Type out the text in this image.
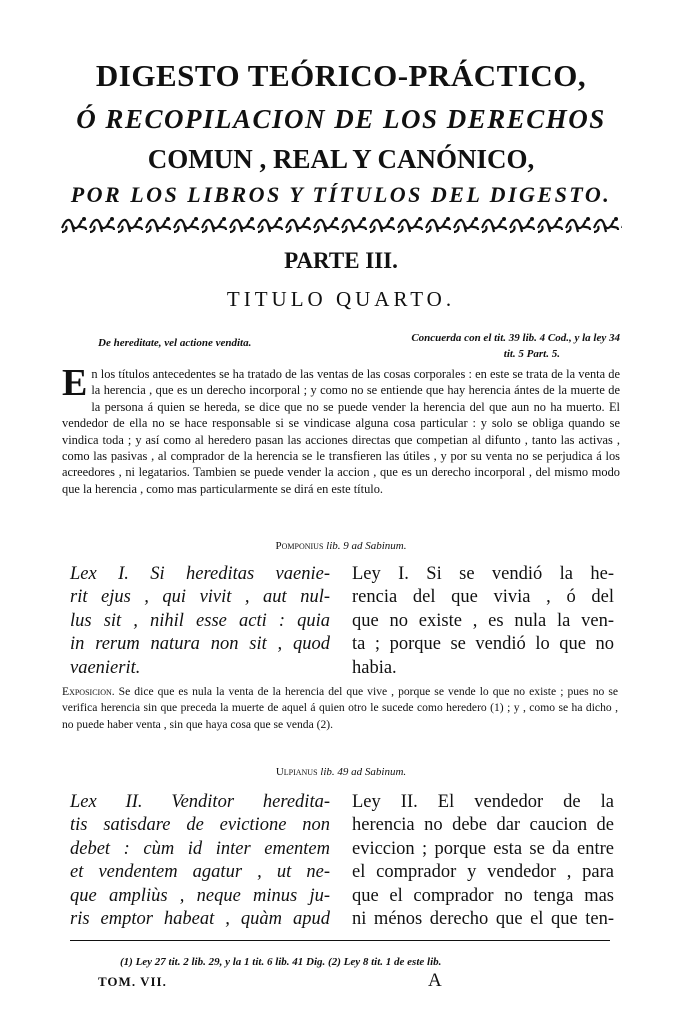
DIGESTO TEÓRICO-PRÁCTICO,
Ó RECOPILACION DE LOS DERECHOS
COMUN , REAL Y CANÓNICO,
POR LOS LIBROS Y TÍTULOS DEL DIGESTO.
PARTE III.
TITULO QUARTO.
De hereditate, vel actione vendita.	Concuerda con el tit. 39 lib. 4 Cod., y la ley 34
tit. 5 Part. 5.
En los títulos antecedentes se ha tratado de las ventas de las cosas corporales : en este se trata de la venta de la herencia , que es un derecho incorporal ; y como no se entiende que hay herencia ántes de la muerte de la persona á quien se hereda, se dice que no se puede vender la herencia del que aun no ha muerto. El vendedor de ella no se hace responsable si se vindicase alguna cosa particular : y solo se obliga quando se vindica toda ; y así como al heredero pasan las acciones directas que competian al difunto , tanto las activas , como las pasivas , al comprador de la herencia se le transfieren las útiles , y por su venta no se perjudica á los acreedores , ni legatarios. Tambien se puede vender la accion , que es un derecho incorporal , del mismo modo que la herencia , como mas particularmente se dirá en este título.
Pomponius lib. 9 ad Sabinum.
Lex I. Si hereditas vaenie-
rit ejus , qui vivit , aut nul-
lus sit , nihil esse acti : quia
in rerum natura non sit , quod
vaenierit.
Ley I. Si se vendió la he-
rencia del que vivia , ó del
que no existe , es nula la ven-
ta ; porque se vendió lo que no
habia.
Exposicion. Se dice que es nula la venta de la herencia del que vive , porque se vende lo que no existe ; pues no se verifica herencia sin que preceda la muerte de aquel á quien otro le sucede como heredero (1) ; y , como se ha dicho , no puede haber venta , sin que haya cosa que se venda (2).
Ulpianus lib. 49 ad Sabinum.
Lex II. Venditor heredita-
tis satisdare de evictione non
debet : cùm id inter ementem
et vendentem agatur , ut ne-
que ampliùs , neque minus ju-
ris emptor habeat , quàm apud
Ley II. El vendedor de la
herencia no debe dar caucion de
eviccion ; porque esta se da entre
el comprador y vendedor , para
que el comprador no tenga mas
ni ménos derecho que el que ten-
(1) Ley 27 tit. 2 lib. 29, y la 1 tit. 6 lib. 41 Dig. (2) Ley 8 tit. 1 de este lib.
TOM. VII.	A
